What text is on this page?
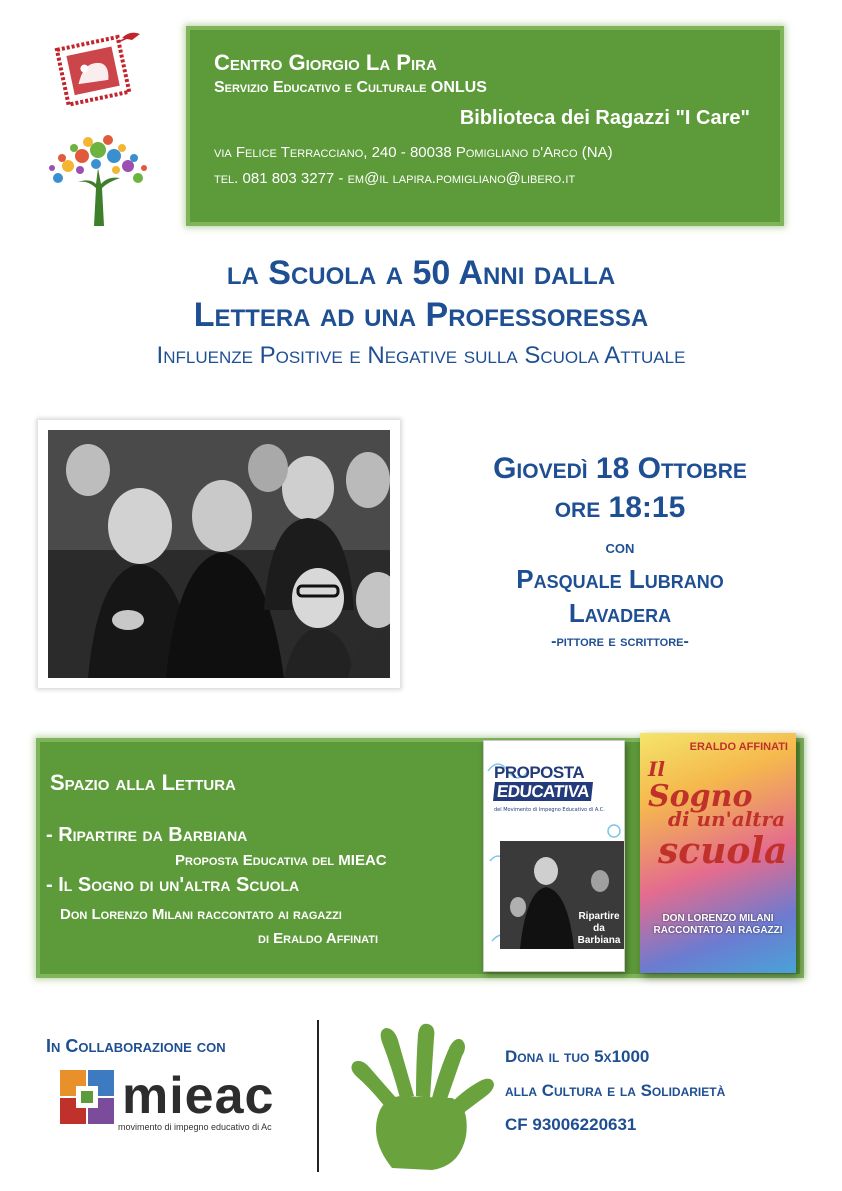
Centro Giorgio La Pira
Servizio Educativo e Culturale ONLUS
Biblioteca dei Ragazzi "I Care"
via Felice Terracciano, 240 - 80038 Pomigliano d'Arco (NA)
tel. 081 803 3277 - em@il lapira.pomigliano@libero.it
la Scuola a 50 Anni dalla
Lettera ad una Professoressa
Influenze Positive e Negative sulla Scuola Attuale
Giovedì 18 Ottobre
ore 18:15
con
Pasquale Lubrano
Lavadera
-pittore e scrittore-
Spazio alla Lettura
- Ripartire da Barbiana
Proposta Educativa del MIEAC
- Il Sogno di un'altra Scuola
Don Lorenzo Milani raccontato ai ragazzi
di Eraldo Affinati
PROPOSTA
EDUCATIVA
del Movimento di Impegno Educativo di A.C.
Ripartire da Barbiana
ERALDO AFFINATI
Il
Sogno
di un'altra
scuola
DON LORENZO MILANI RACCONTATO AI RAGAZZI
In Collaborazione con
mieac
movimento di impegno educativo di Ac
Dona il tuo 5x1000
alla Cultura e la Solidarietà
CF 93006220631
